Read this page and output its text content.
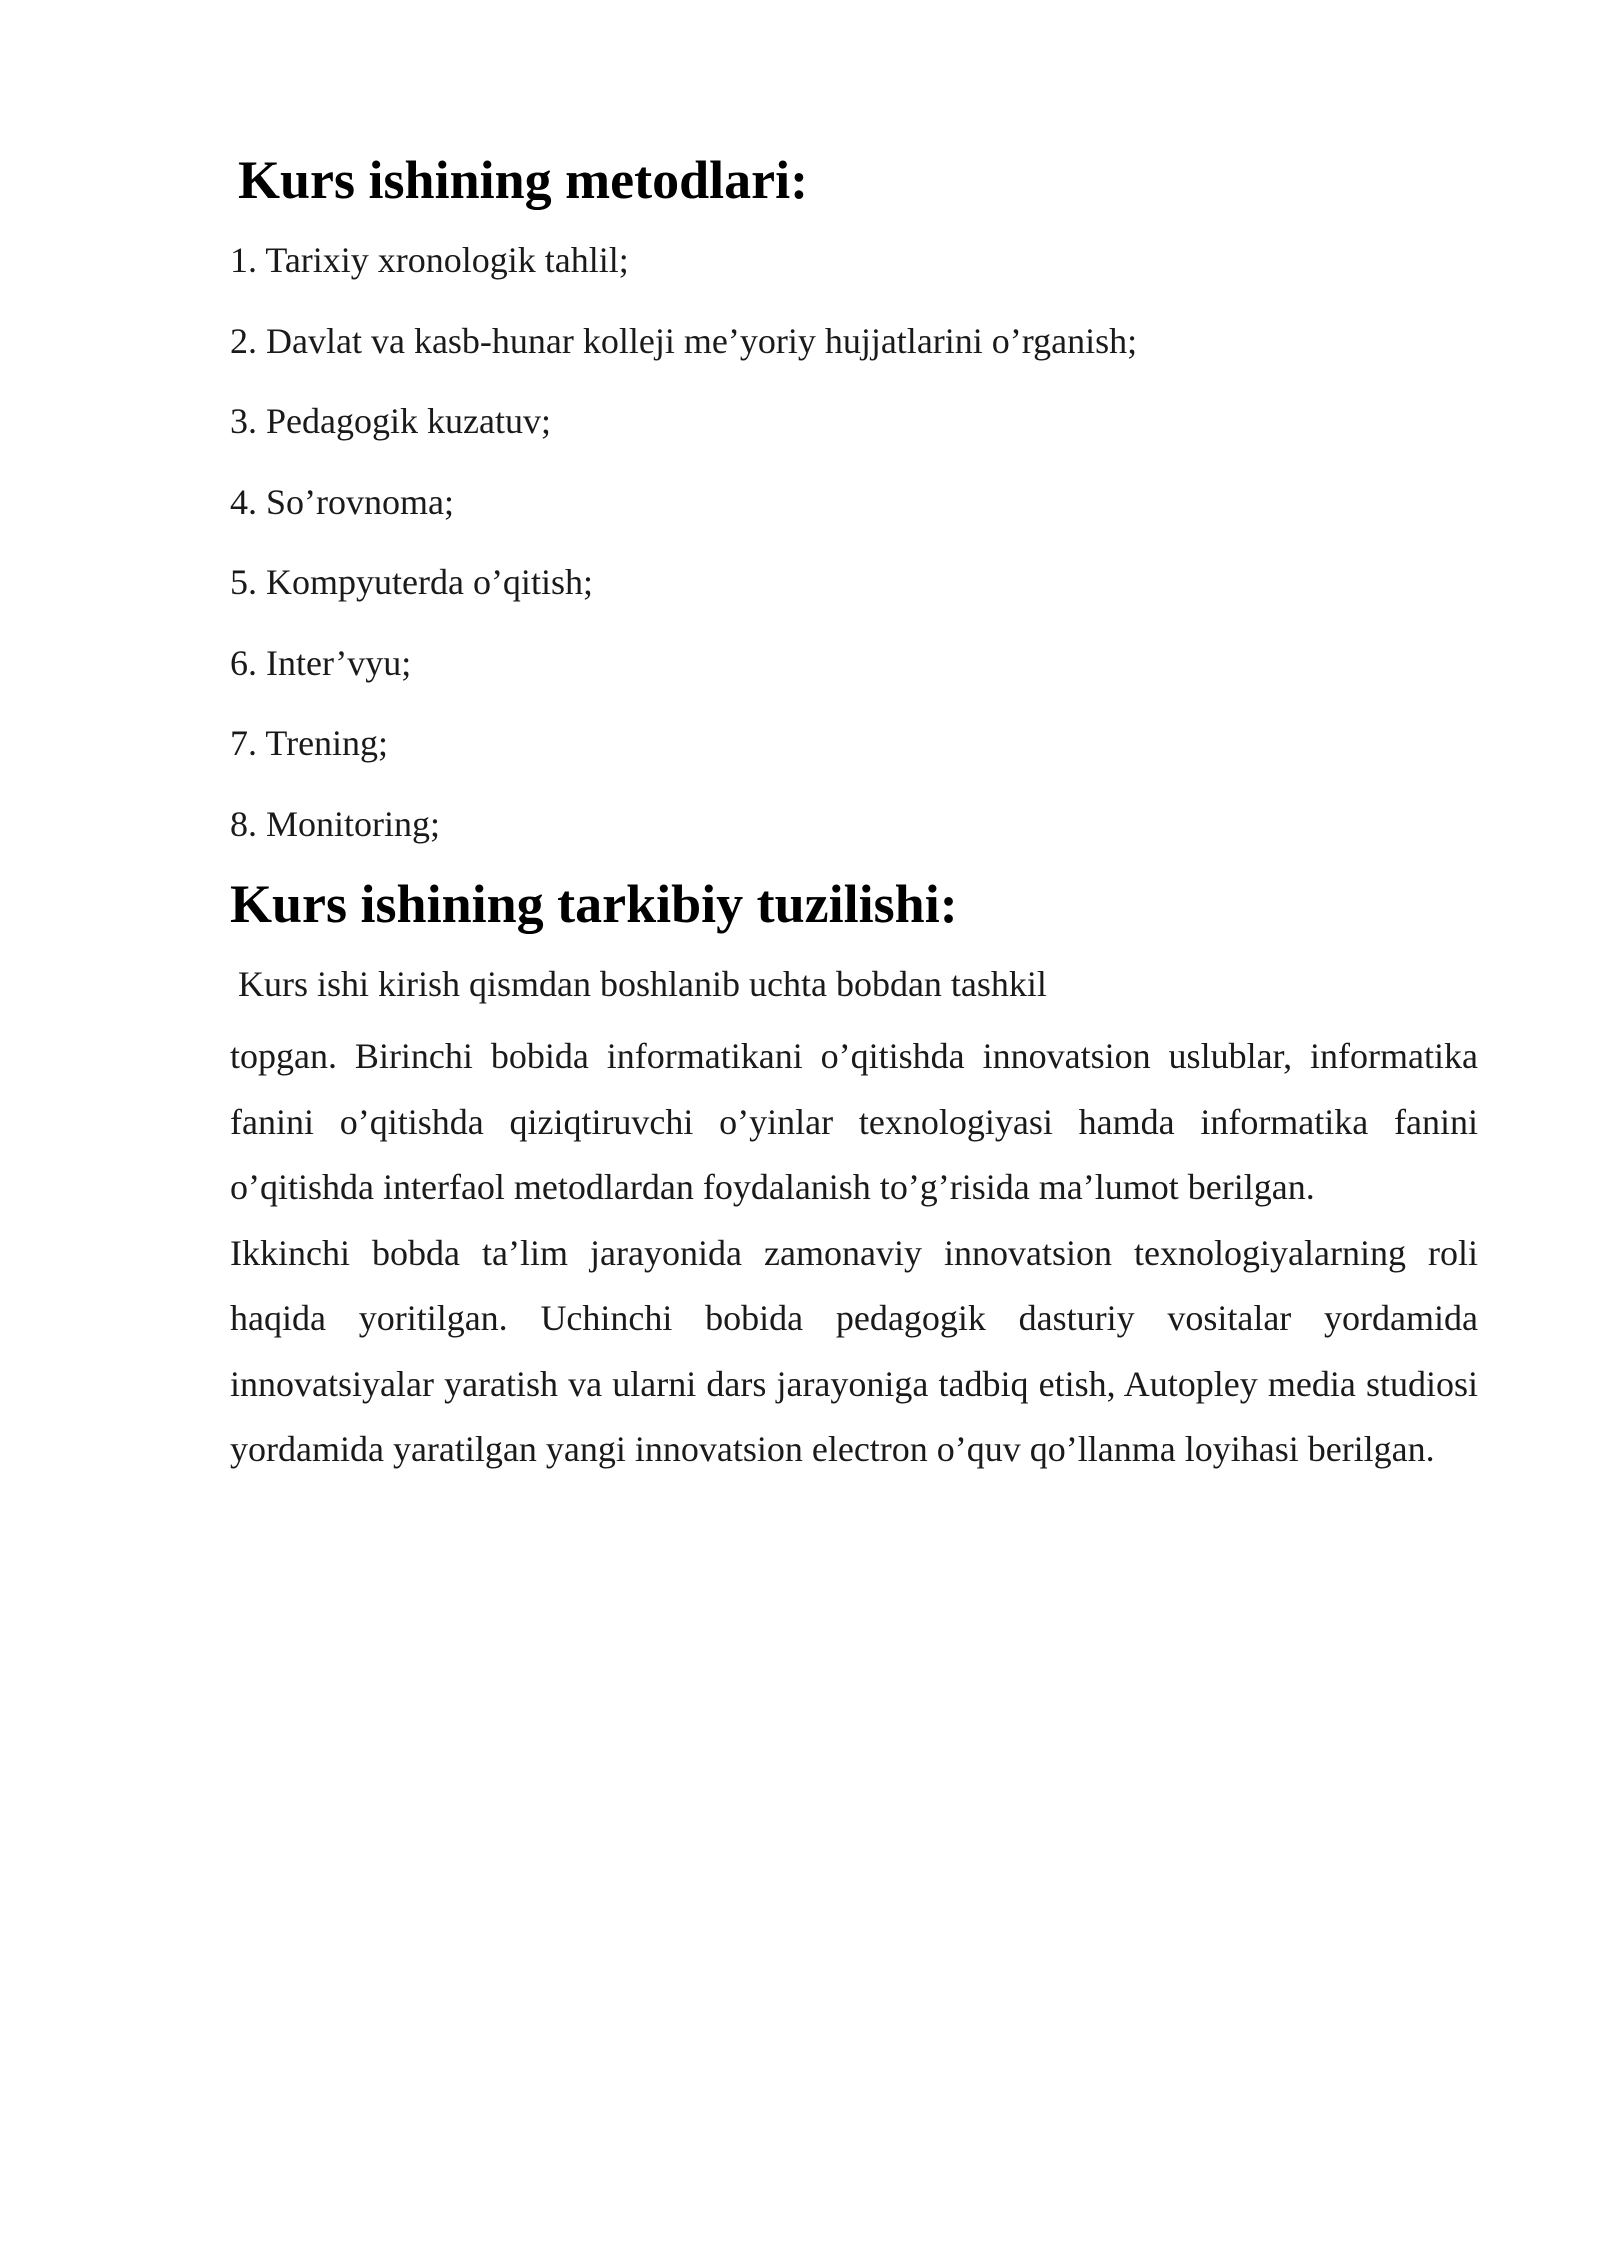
Kurs ishining metodlari:
1. Tarixiy xronologik tahlil;
2. Davlat va kasb-hunar kolleji me’yoriy hujjatlarini o’rganish;
3. Pedagogik kuzatuv;
4. So’rovnoma;
5. Kompyuterda o’qitish;
6. Inter’vyu;
7. Trening;
8. Monitoring;
Kurs ishining tarkibiy tuzilishi:

Kurs ishi kirish qismdan boshlanib uchta bobdan tashkil

topgan. Birinchi bobida informatikani o’qitishda innovatsion uslublar, informatika fanini o’qitishda qiziqtiruvchi o’yinlar texnologiyasi hamda informatika fanini o’qitishda interfaol metodlardan foydalanish to’g’risida ma’lumot berilgan.

Ikkinchi bobda ta’lim jarayonida zamonaviy innovatsion texnologiyalarning roli haqida yoritilgan. Uchinchi bobida pedagogik dasturiy vositalar yordamida innovatsiyalar yaratish va ularni dars jarayoniga tadbiq etish, Autopley media studiosi yordamida yaratilgan yangi innovatsion electron o’quv qo’llanma loyihasi berilgan.
